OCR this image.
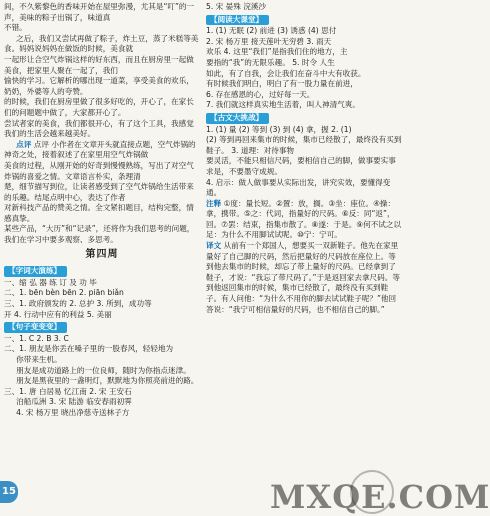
间，不久紫黎色的香味开始在屋里弥漫，尤其是“叮”的一声，美味的粽子出锅了，味道真

不错。

之后，我们又尝试再做了粽子，炸土豆，蒸了米糕等美食。妈妈说妈妈在做饭的时候，美食就

一起形让合空气炸锅这样的好东西，而且在厨房里一起做美食，把家里人聚在一起了，我们

愉快的学习。它解析的哪出现一道菜，享受美食的欢乐，奶奶，外婆等人的夸赞。

的时候，我们在厨房里做了很多好吃的，开心了，在家长们的问题题中做了，大家都开心了。

尝试者家的美食，我们都很开心，有了这个工具，我感觉我们的生活会越来越美好。

点评 点评 小作者在文章开头就直接点题，空气炸锅的神奇之处，接着叙述了在家里用空气炸锅做

美食的过程，从刚开始的好奇到慢慢熟练，写出了对空气炸锅的喜爱之情。文章语言朴实，条理清

楚，细节描写到位，让读者感受到了空气炸锅给生活带来的乐趣。结尾点明中心，表达了作者

对新科技产品的赞美之情。全文紧扣题目，结构完整，情感真挚。

某些产品，“大历”和“记录”，还将作为我们思考的问题，我们在学习中要多观察、多思考。

第四周
【字词大演练】

一、缩 弘 器 练 订 及 功 毕

二、1. bēn bèn bēn 2. piān biǎn

三、1. 政府颁发的 2. 总护 3. 所到，成功等

开 4. 行动中应有的利益 5. 美丽

【句子变变变】

一、1. C 2. B 3. C

二、1. 朋友是你丢在嗓子里的一股春风，轻轻地为

你带来生机。

朋友是成功道路上的一位良师，随时为你指点迷津。

朋友是黑夜里的一盏明灯，默默地为你照亮前进的路。

三、1. 唐 白居易 忆江南 2. 宋 王安石

泊船瓜洲 3. 宋 陆游 临安春雨初霁

4. 宋 杨万里 晓出净慈寺送林子方

5. 宋 晏殊 浣溪沙

【阅读大课堂】

1. (1) 无眠 (2) 前进 (3) 诱惑 (4) 思付

2. 宋 杨万里 接天莲叶无穷碧 3. 雨天

欢乐 4. 这里“我们”是指我们住的地方，主

要指的“我”的无限乐趣。 5. 时令 人生

如此，有了自我，会让我们在奋斗中大有收获。

有时候我们明白，明白了有一股力量在前进，

6. 存在感恩的心，过好每一天。

7. 我们就这样真实地生活着，叫人神清气爽。

【古文大挑战】

1. (1) 量 (2) 等到 (3) 到 (4) 拿，握 2. (1)

(2) 等到再回来集市的时候，集市已经散了，最终没有买到鞋子。 3. 道理：对待事物

要灵活，不能只相信尺码，要相信自己的脚，做事要实事求是，不要墨守成规。

4. 启示：做人做事要从实际出发，讲究实效，要懂得变通。

注释 ①度：量长短。②置：放，搁。③坐：座位。④操：拿，携带。⑤之：代词，指量好的尺码。⑥反：同“返”，回。⑦罢：结束，指集市散了。⑧遂：于是。⑨何不试之以足：为什么不用脚试试呢。⑩宁：宁可。

译文 从前有一个郑国人，想要买一双新鞋子。他先在家里量好了自己脚的尺码，然后把量好的尺码放在座位上。等到他去集市的时候，却忘了带上量好的尺码。已经拿到了鞋子，才说：“我忘了带尺码了。”于是返回家去拿尺码。等到他返回集市的时候，集市已经散了，最终没有买到鞋子。有人问他：“为什么不用你的脚去试试鞋子呢？”他回答说：“我宁可相信量好的尺码，也不相信自己的脚。”

15	MXQE.COM
